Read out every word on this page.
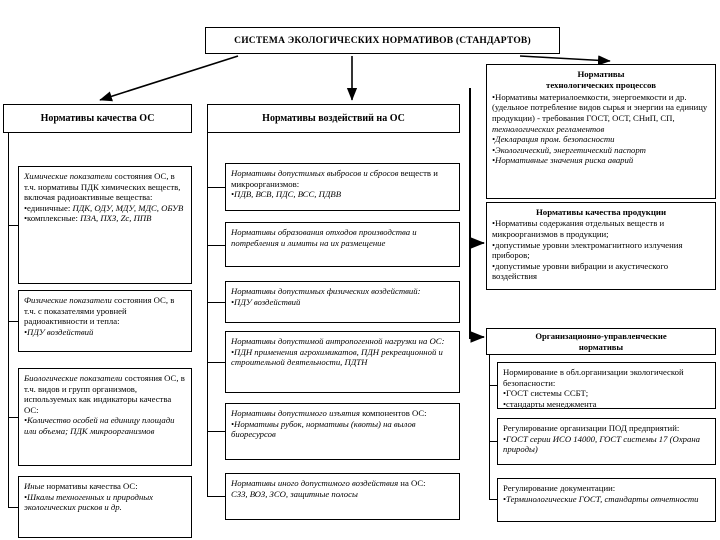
СИСТЕМА ЭКОЛОГИЧЕСКИХ НОРМАТИВОВ (СТАНДАРТОВ)
Нормативы качества ОС
Химические показатели состояния ОС, в т.ч. нормативы ПДК химических веществ, включая радиоактивные вещества:
•единичные: ПДК, ОДУ, МДУ, МДС, ОБУВ
•комплексные: ПЗА, ПХЗ, Zc, ППВ
Физические показатели состояния ОС, в т.ч. с показателями уровней радиоактивности и тепла:
•ПДУ воздействий
Биологические показатели состояния ОС, в т.ч. видов и групп организмов, используемых как индикаторы качества ОС:
•Количество особей на единицу площади или объема; ПДК микроорганизмов
Иные нормативы качества ОС:
•Шкалы техногенных и природных экологических рисков и др.
Нормативы воздействий на ОС
Нормативы допустимых выбросов и сбросов веществ и микроорганизмов:
•ПДВ, ВСВ, ПДС, ВСС, ПДВВ
Нормативы образования отходов производства и потребления и лимиты на их размещение
Нормативы допустимых физических воздействий:
•ПДУ воздействий
Нормативы допустимой антропогенной нагрузки на ОС:
•ПДН применения агрохимикатов, ПДН рекреационной и строительной деятельности, ПДТН
Нормативы допустимого изъятия компонентов ОС:
•Нормативы рубок, нормативы (квоты) на вылов биоресурсов
Нормативы иного допустимого воздействия на ОС:
СЗЗ, ВОЗ, ЗСО, защитные полосы
Нормативы
технологических процессов
•Нормативы материалоемкости, энергоемкости и др. (удельное потребление видов сырья и энергии на единицу продукции) - требования ГОСТ, ОСТ, СНиП, СП, технологических регламентов
•Декларация пром. безопасности
•Экологический, энергетический паспорт
•Нормативные значения риска аварий
Нормативы качества продукции
•Нормативы содержания отдельных веществ и микроорганизмов в продукции;
•допустимые уровни электромагнитного излучения приборов;
•допустимые уровни вибрации и акустического воздействия
Организационно-управленческие
нормативы
Нормирование в обл.организации экологической безопасности:
•ГОСТ системы ССБТ;
•стандарты менеджмента
Регулирование организации ПОД предприятий:
•ГОСТ серии ИСО 14000, ГОСТ системы 17 (Охрана природы)
Регулирование документации:
•Терминологические ГОСТ, стандарты отчетности
